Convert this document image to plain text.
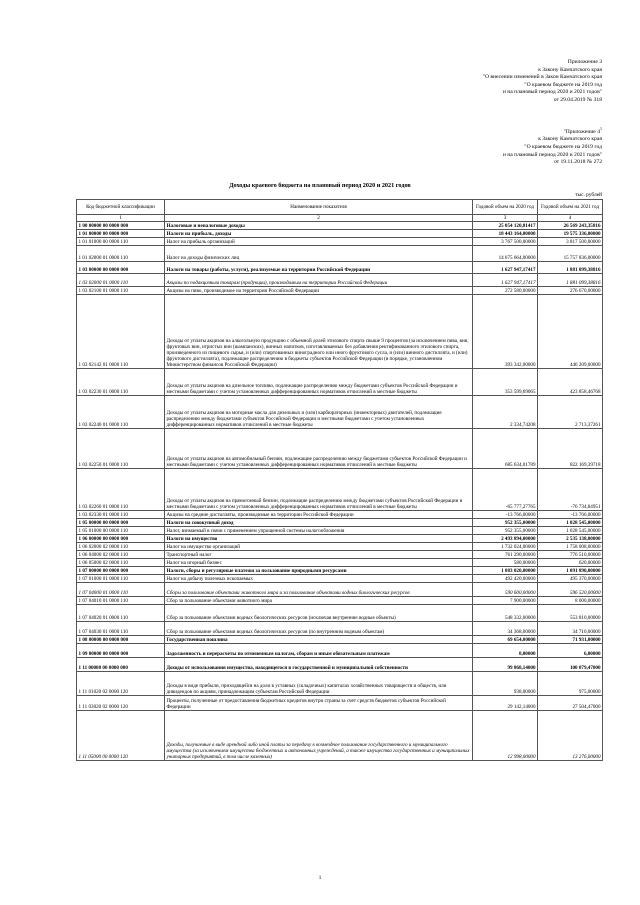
Приложение 3
к Закону Камчатского края
"О внесении изменений в Закон Камчатского края
"О краевом бюджете на 2019 год
и на плановый период 2020 и 2021 годов"
от 29.04.2019 № 318
"Приложение $4^1$
к Закону Камчатского края
"О краевом бюджете на 2019 год
и на плановый период 2020 и 2021 годов"
от 19.11.2018 № 272
Доходы краевого бюджета на плановый период 2020 и 2021 годов
тыс. рублей
Код бюджетной классификации	Наименование показателя	Годовой объем на 2020 год	Годовой объем на 2021 год
1	2	3	4
1 00 00000 00 0000 000	Налоговые и неналоговые доходы	25 054 120,81417	26 569 243,35816
1 01 00000 00 0000 000	Налоги на прибыль, доходы	18 443 164,00000	19 575 336,00000
1 01 01000 00 0000 110	Налог на прибыль организаций	3 767 500,00000	3 817 500,00000
1 01 02000 01 0000 110	Налог на доходы физических лиц	14 675 664,00000	15 757 836,00000
1 03 00000 00 0000 000	Налоги на товары (работы, услуги), реализуемые на территории Российской Федерации	1 627 947,17417	1 881 099,38816
1 03 02000 01 0000 110	Акцизы по подакцизным товарам (продукции), производимым на территории Российской Федерации	1 627 947,17417	1 881 099,38816
1 03 02100 01 0000 110	Акцизы на пиво, производимое на территории Российской Федерации	272 580,00000	276 670,00000
1 03 02142 01 0000 110	Доходы от уплаты акцизов на алкогольную продукцию с объемной долей этилового спирта свыше 9 процентов (за исключением пива, вин, фруктовых вин, игристых вин (шампанских), винных напитков, изготавливаемых без добавления ректификованного этилового спирта, произведенного из пищевого сырья, и (или) спиртованных виноградного или иного фруктового сусла, и (или) винного дистиллята, и (или) фруктового дистиллята), подлежащие распределению в бюджеты субъектов Российской Федерации (в порядке, установленном Министерством финансов Российской Федерации)	393 342,00000	446 209,00000
1 03 02230 01 0000 110	Доходы от уплаты акцизов на дизельное топливо, подлежащие распределению между бюджетами субъектов Российской Федерации и местными бюджетами с учетом установленных дифференцированных нормативов отчислений в местные бюджеты	353 599,69065	423 858,46768
1 03 02240 01 0000 110	Доходы от уплаты акцизов на моторные масла для дизельных и (или) карбюраторных (инжекторных) двигателей, подлежащие распределению между бюджетами субъектов Российской Федерации и местными бюджетами с учетом установленных дифференцированных нормативов отчислений в местные бюджеты	2 334,74208	2 713,37261
1 03 02250 01 0000 110	Доходы от уплаты акцизов на автомобильный бензин, подлежащие распределению между бюджетами субъектов Российской Федерации и местными бюджетами с учетом установленных дифференцированных нормативов отчислений в местные бюджеты	685 634,01789	822 169,39718
1 03 02260 01 0000 110	Доходы от уплаты акцизов на прямогонный бензин, подлежащие распределению между бюджетами субъектов Российской Федерации и местными бюджетами с учетом установленных дифференцированных нормативов отчислений в местные бюджеты	-65 777,27765	-76 734,84951
1 03 02330 01 0000 110	Акцизы на средние дистилляты, производимые на территории Российской Федерации	-13 766,00000	-13 766,00000
1 05 00000 00 0000 000	Налоги на совокупный доход	952 355,00000	1 028 545,00000
1 05 01000 00 0000 110	Налог, взимаемый в связи с применением упрощенной системы налогообложения	952 355,00000	1 028 545,00000
1 06 00000 00 0000 000	Налоги на имущество	2 493 894,00000	2 535 138,00000
1 06 02000 02 0000 110	Налог на имущество организаций	1 732 024,00000	1 758 008,00000
1 06 04000 02 0000 110	Транспортный налог	761 290,00000	776 510,00000
1 06 05000 02 0000 110	Налог на игорный бизнес	580,00000	620,00000
1 07 00000 00 0000 000	Налоги, сборы и регулярные платежи за пользование природными ресурсами	1 083 020,00000	1 091 890,00000
1 07 01000 01 0000 110	Налог на добычу полезных ископаемых	492 420,00000	495 370,00000
1 07 04000 01 0000 110	Сборы за пользование объектами животного мира и за пользование объектами водных биологических ресурсов	590 600,00000	596 520,00000
1 07 04010 01 0000 110	Сбор за пользование объектами животного мира	7 900,00000	8 000,00000
1 07 04020 01 0000 110	Сбор за пользование объектами водных биологических ресурсов (исключая внутренние водные объекты)	548 332,00000	553 810,00000
1 07 04030 01 0000 110	Сбор за пользование объектами водных биологических ресурсов (по внутренним водным объектам)	34 368,00000	34 710,00000
1 08 00000 00 0000 000	Государственная пошлина	69 654,00000	71 931,00000
1 09 00000 00 0000 000	Задолженность и перерасчеты по отмененным налогам, сборам и иным обязательным платежам	8,00000	6,00000
1 11 00000 00 0000 000	Доходы от использования имущества, находящегося в государственной и муниципальной собственности	99 868,14000	100 079,47000
1 11 01020 02 0000 120	Доходы в виде прибыли, приходящейся на доли в уставных (складочных) капиталах хозяйственных товариществ и обществ, или дивидендов по акциям, принадлежащим субъектам Российской Федерации	938,00000	975,00000
1 11 03020 02 0000 120	Проценты, полученные от предоставления бюджетных кредитов внутри страны за счет средств бюджетов субъектов Российской Федерации	29 142,14000	27 504,47000
1 11 05000 00 0000 120	Доходы, получаемые в виде арендной либо иной платы за передачу в возмездное пользование государственного и муниципального имущества (за исключением имущества бюджетных и автономных учреждений, а также имущества государственных и муниципальных унитарных предприятий, в том числе казенных)	12 998,00000	13 276,00000
1
